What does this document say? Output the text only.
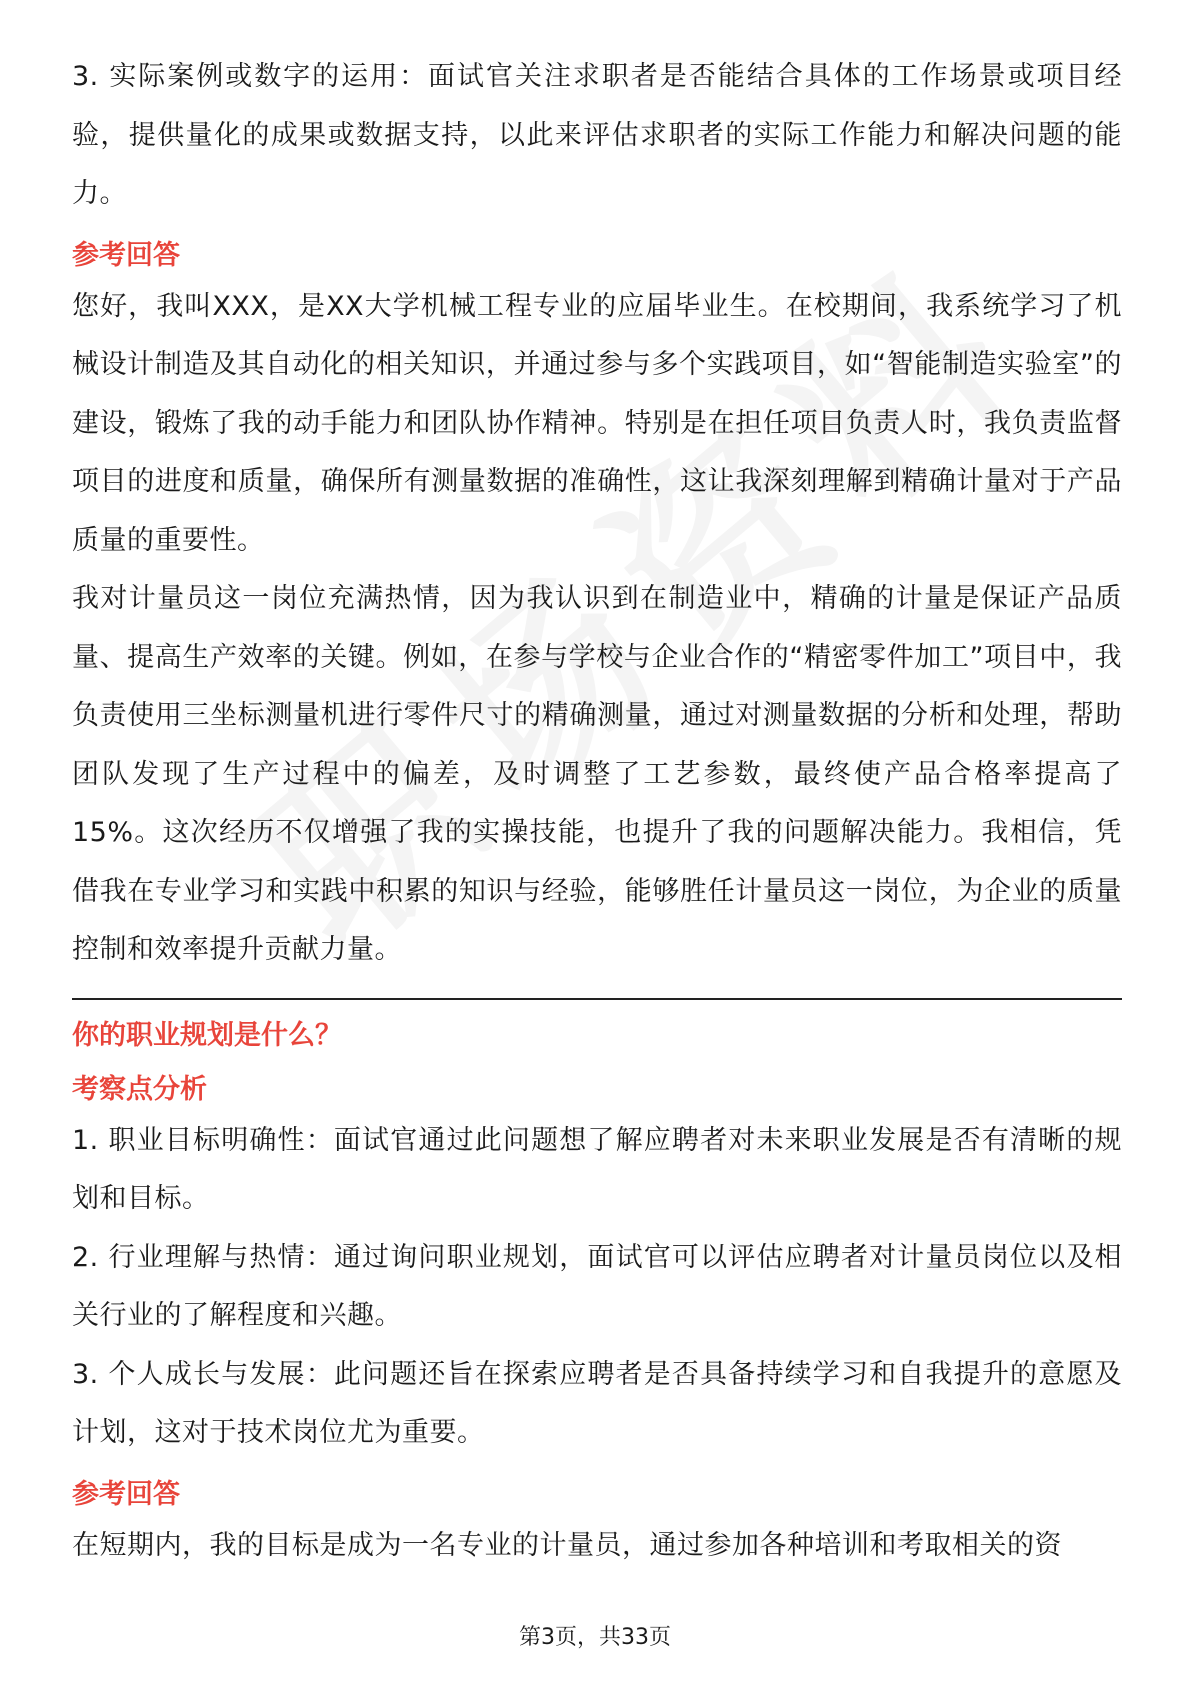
3. 实际案例或数字的运用：面试官关注求职者是否能结合具体的工作场景或项目经验，提供量化的成果或数据支持，以此来评估求职者的实际工作能力和解决问题的能力。

参考回答

您好，我叫XXX，是XX大学机械工程专业的应届毕业生。在校期间，我系统学习了机械设计制造及其自动化的相关知识，并通过参与多个实践项目，如“智能制造实验室”的建设，锻炼了我的动手能力和团队协作精神。特别是在担任项目负责人时，我负责监督项目的进度和质量，确保所有测量数据的准确性，这让我深刻理解到精确计量对于产品质量的重要性。

我对计量员这一岗位充满热情，因为我认识到在制造业中，精确的计量是保证产品质量、提高生产效率的关键。例如，在参与学校与企业合作的“精密零件加工”项目中，我负责使用三坐标测量机进行零件尺寸的精确测量，通过对测量数据的分析和处理，帮助团队发现了生产过程中的偏差，及时调整了工艺参数，最终使产品合格率提高了15%。这次经历不仅增强了我的实操技能，也提升了我的问题解决能力。我相信，凭借我在专业学习和实践中积累的知识与经验，能够胜任计量员这一岗位，为企业的质量控制和效率提升贡献力量。

你的职业规划是什么？

考察点分析

1. 职业目标明确性：面试官通过此问题想了解应聘者对未来职业发展是否有清晰的规划和目标。

2. 行业理解与热情：通过询问职业规划，面试官可以评估应聘者对计量员岗位以及相关行业的了解程度和兴趣。

3. 个人成长与发展：此问题还旨在探索应聘者是否具备持续学习和自我提升的意愿及计划，这对于技术岗位尤为重要。

参考回答

在短期内，我的目标是成为一名专业的计量员，通过参加各种培训和考取相关的资

第3页，共33页
